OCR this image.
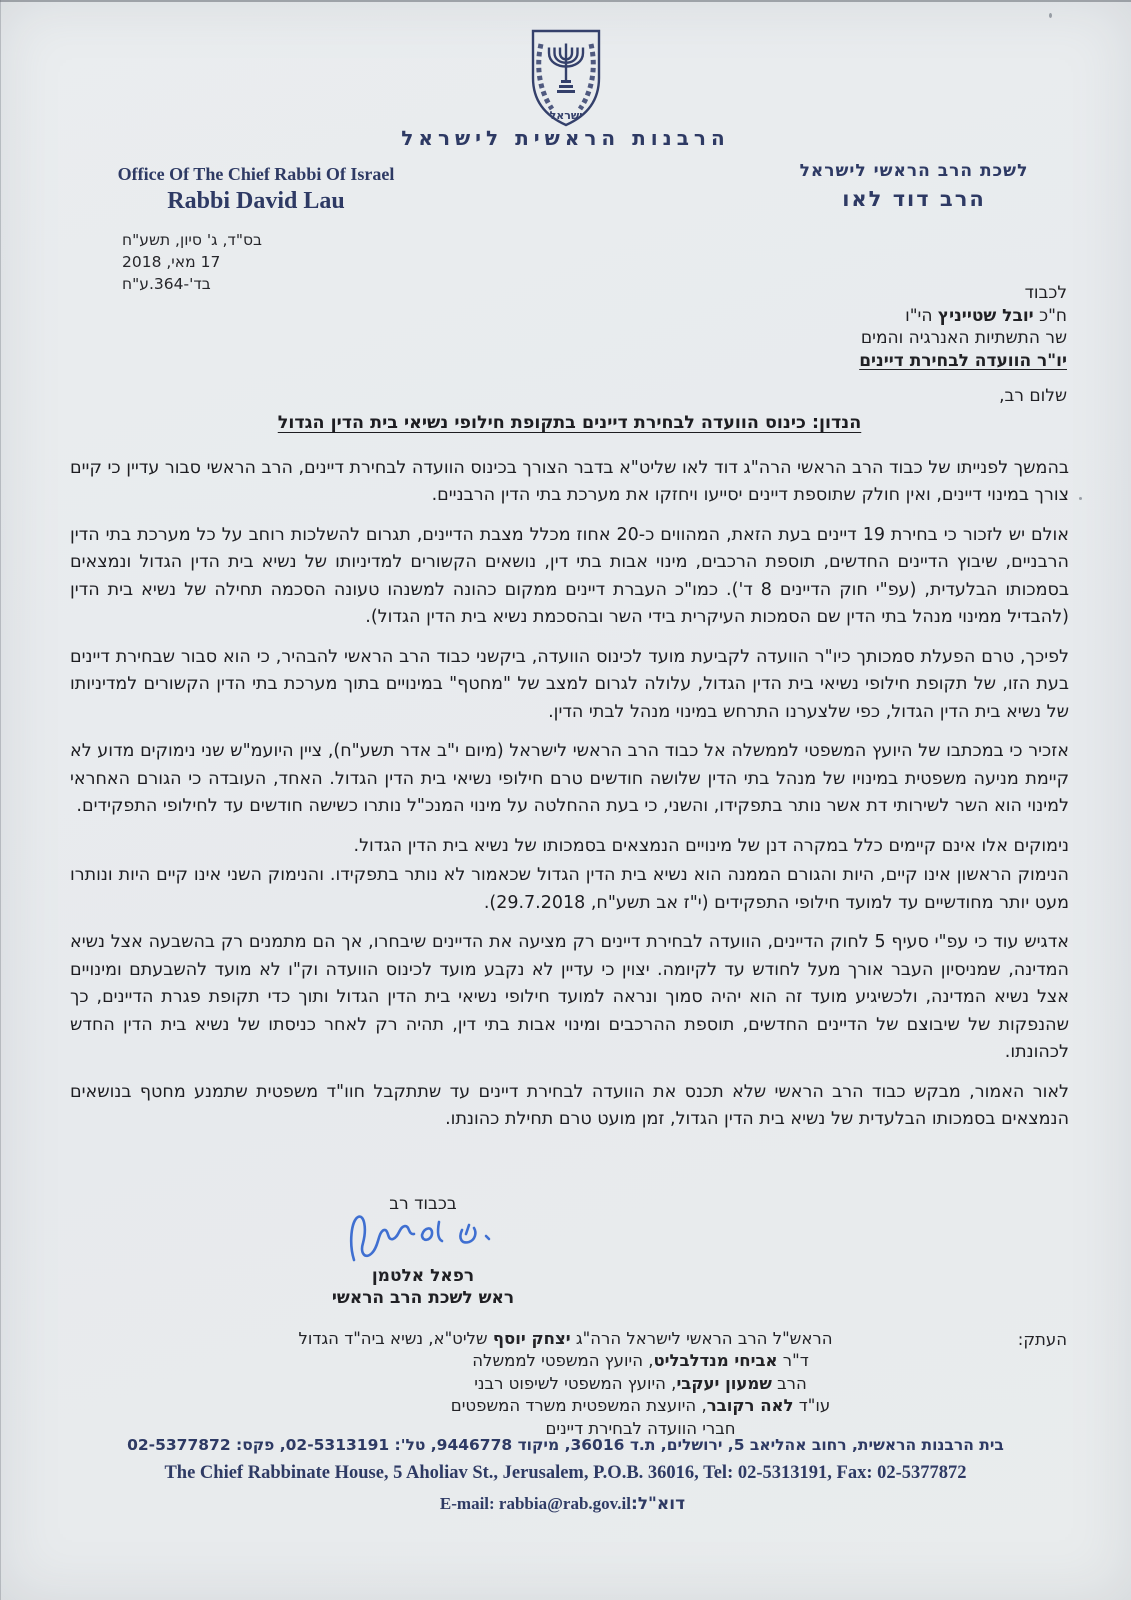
ישראל
הרבנות הראשית לישראל
Office Of The Chief Rabbi Of Israel
Rabbi David Lau
בס"ד, ג' סיון, תשע"ח
17 מאי, 2018
בד'-364.ע"ח
לשכת הרב הראשי לישראל
הרב דוד לאו
לכבוד
ח"כ יובל שטייניץ הי"ו
שר התשתיות האנרגיה והמים
יו"ר הוועדה לבחירת דיינים
שלום רב,
הנדון: כינוס הוועדה לבחירת דיינים בתקופת חילופי נשיאי בית הדין הגדול

בהמשך לפנייתו של כבוד הרב הראשי הרה"ג דוד לאו שליט"א בדבר הצורך בכינוס הוועדה לבחירת דיינים, הרב הראשי סבור עדיין כי קיים צורך במינוי דיינים, ואין חולק שתוספת דיינים יסייעו ויחזקו את מערכת בתי הדין הרבניים.

אולם יש לזכור כי בחירת 19 דיינים בעת הזאת, המהווים כ-20 אחוז מכלל מצבת הדיינים, תגרום להשלכות רוחב על כל מערכת בתי הדין הרבניים, שיבוץ הדיינים החדשים, תוספת הרכבים, מינוי אבות בתי דין, נושאים הקשורים למדיניותו של נשיא בית הדין הגדול ונמצאים בסמכותו הבלעדית, (עפ"י חוק הדיינים 8 ד'). כמו"כ העברת דיינים ממקום כהונה למשנהו טעונה הסכמה תחילה של נשיא בית הדין (להבדיל ממינוי מנהל בתי הדין שם הסמכות העיקרית בידי השר ובהסכמת נשיא בית הדין הגדול).

לפיכך, טרם הפעלת סמכותך כיו"ר הוועדה לקביעת מועד לכינוס הוועדה, ביקשני כבוד הרב הראשי להבהיר, כי הוא סבור שבחירת דיינים בעת הזו, של תקופת חילופי נשיאי בית הדין הגדול, עלולה לגרום למצב של "מחטף" במינויים בתוך מערכת בתי הדין הקשורים למדיניותו של נשיא בית הדין הגדול, כפי שלצערנו התרחש במינוי מנהל לבתי הדין.

אזכיר כי במכתבו של היועץ המשפטי לממשלה אל כבוד הרב הראשי לישראל (מיום י"ב אדר תשע"ח), ציין היועמ"ש שני נימוקים מדוע לא קיימת מניעה משפטית במינויו של מנהל בתי הדין שלושה חודשים טרם חילופי נשיאי בית הדין הגדול. האחד, העובדה כי הגורם האחראי למינוי הוא השר לשירותי דת אשר נותר בתפקידו, והשני, כי בעת ההחלטה על מינוי המנכ"ל נותרו כשישה חודשים עד לחילופי התפקידים.

נימוקים אלו אינם קיימים כלל במקרה דנן של מינויים הנמצאים בסמכותו של נשיא בית הדין הגדול.

הנימוק הראשון אינו קיים, היות והגורם הממנה הוא נשיא בית הדין הגדול שכאמור לא נותר בתפקידו. והנימוק השני אינו קיים היות ונותרו מעט יותר מחודשיים עד למועד חילופי התפקידים (י"ז אב תשע"ח, 29.7.2018).

אדגיש עוד כי עפ"י סעיף 5 לחוק הדיינים, הוועדה לבחירת דיינים רק מציעה את הדיינים שיבחרו, אך הם מתמנים רק בהשבעה אצל נשיא המדינה, שמניסיון העבר אורך מעל לחודש עד לקיומה. יצוין כי עדיין לא נקבע מועד לכינוס הוועדה וק"ו לא מועד להשבעתם ומינויים אצל נשיא המדינה, ולכשיגיע מועד זה הוא יהיה סמוך ונראה למועד חילופי נשיאי בית הדין הגדול ותוך כדי תקופת פגרת הדיינים, כך שהנפקות של שיבוצם של הדיינים החדשים, תוספת ההרכבים ומינוי אבות בתי דין, תהיה רק לאחר כניסתו של נשיא בית הדין החדש לכהונתו.

לאור האמור, מבקש כבוד הרב הראשי שלא תכנס את הוועדה לבחירת דיינים עד שתתקבל חוו"ד משפטית שתמנע מחטף בנושאים הנמצאים בסמכותו הבלעדית של נשיא בית הדין הגדול, זמן מועט טרם תחילת כהונתו.

בכבוד רב
רפאל אלטמן
ראש לשכת הרב הראשי
העתק:
הראש"ל הרב הראשי לישראל הרה"ג יצחק יוסף שליט"א, נשיא ביה"ד הגדול
ד"ר אביחי מנדלבליט, היועץ המשפטי לממשלה
הרב שמעון יעקבי, היועץ המשפטי לשיפוט רבני
עו"ד לאה רקובר, היועצת המשפטית משרד המשפטים
חברי הוועדה לבחירת דיינים
בית הרבנות הראשית, רחוב אהליאב 5, ירושלים, ת.ד 36016, מיקוד 9446778, טל': 02-5313191, פקס: 02-5377872
The Chief Rabbinate House, 5 Aholiav St., Jerusalem, P.O.B. 36016, Tel: 02-5313191, Fax: 02-5377872
דוא"ל:E-mail: rabbia@rab.gov.il
